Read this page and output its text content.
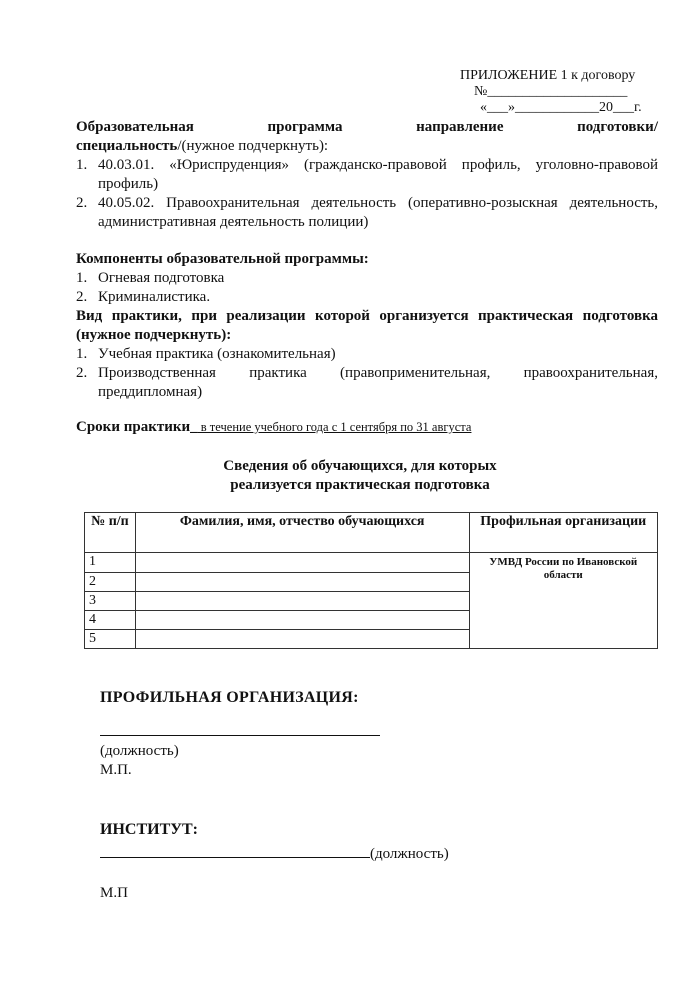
ПРИЛОЖЕНИЕ 1 к договору
№____________________
«___»____________20___г.
Образовательная программа направление подготовки/ специальность/(нужное подчеркнуть):
1. 40.03.01. «Юриспруденция» (гражданско-правовой профиль, уголовно-правовой профиль)
2. 40.05.02. Правоохранительная деятельность (оперативно-розыскная деятельность, административная деятельность полиции)
Компоненты образовательной программы:
1. Огневая подготовка
2. Криминалистика.
Вид практики, при реализации которой организуется практическая подготовка (нужное подчеркнуть):
1. Учебная практика (ознакомительная)
2. Производственная практика (правоприменительная, правоохранительная, преддипломная)
Сроки практики_ в течение учебного года с 1 сентября по 31 августа
Сведения об обучающихся, для которых
реализуется практическая подготовка
№ п/п	Фамилия, имя, отчество обучающихся	Профильная организации
1		УМВД России по Ивановской области
2		
3		
4		
5		
ПРОФИЛЬНАЯ ОРГАНИЗАЦИЯ:
(должность)
М.П.
ИНСТИТУТ:
(должность)
М.П
